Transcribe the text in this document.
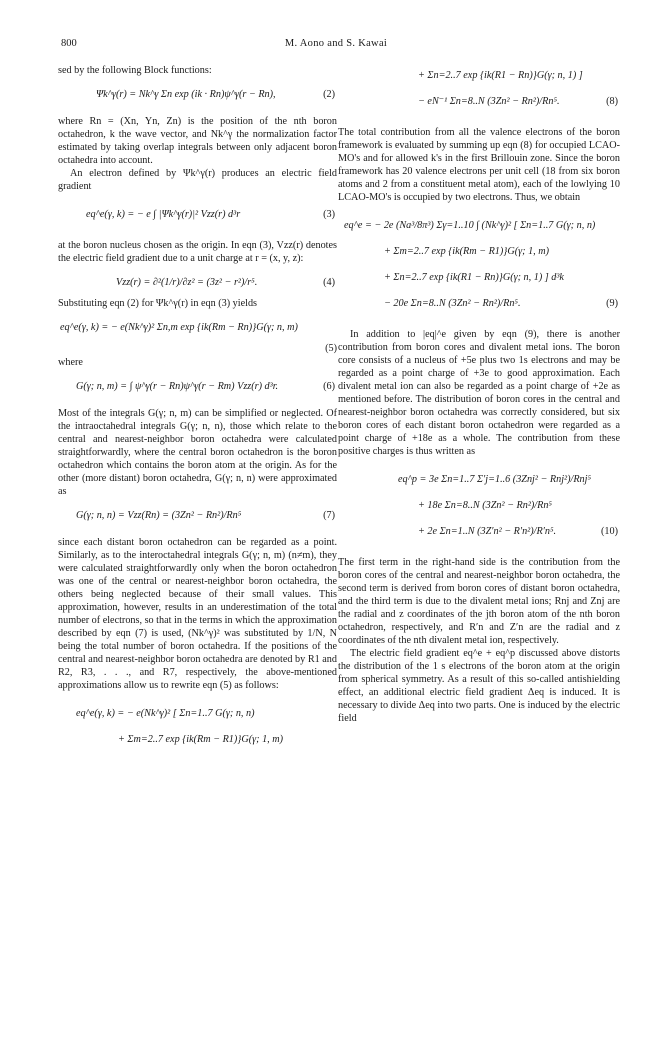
800	M. Aono and S. Kawai

sed by the following Block functions:

Ψk^γ(r) = Nk^γ Σn exp (ik · Rn)ψ^γ(r − Rn),	(2)

where Rn = (Xn, Yn, Zn) is the position of the nth boron octahedron, k the wave vector, and Nk^γ the normalization factor estimated by taking overlap integrals between only adjacent boron octahedra into account.

An electron defined by Ψk^γ(r) produces an electric field gradient

eq^e(γ, k) = − e ∫ |Ψk^γ(r)|² Vzz(r) d³r	(3)

at the boron nucleus chosen as the origin. In eqn (3), Vzz(r) denotes the electric field gradient due to a unit charge at r = (x, y, z):

Vzz(r) = ∂²(1/r)/∂z² = (3z² − r²)/r⁵.	(4)

Substituting eqn (2) for Ψk^γ(r) in eqn (3) yields

eq^e(γ, k) = − e(Nk^γ)² Σn,m exp {ik(Rm − Rn)}G(γ; n, m)
(5)

where

G(γ; n, m) = ∫ ψ^γ(r − Rn)ψ^γ(r − Rm) Vzz(r) d³r.	(6)

Most of the integrals G(γ; n, m) can be simplified or neglected. Of the intraoctahedral integrals G(γ; n, n), those which relate to the central and nearest-neighbor boron octahedra were calculated straightforwardly, where the central boron octahedron is the boron octahedron which contains the boron atom at the origin. As for the other (more distant) boron octahedra, G(γ; n, n) were approximated as

G(γ; n, n) = Vzz(Rn) = (3Zn² − Rn²)/Rn⁵	(7)

since each distant boron octahedron can be regarded as a point. Similarly, as to the interoctahedral integrals G(γ; n, m) (n≠m), they were calculated straightforwardly only when the boron octahedron was one of the central or nearest-neighbor boron octahedra, the others being neglected because of their small values. This approximation, however, results in an underestimation of the total number of electrons, so that in the terms in which the approximation described by eqn (7) is used, (Nk^γ)² was substituted by 1/N, N being the total number of boron octahedra. If the positions of the central and nearest-neighbor boron octahedra are denoted by R1 and R2, R3, . . ., and R7, respectively, the above-mentioned approximations allow us to rewrite eqn (5) as follows:

eq^e(γ, k) = − e(Nk^γ)² [ Σn=1..7 G(γ; n, n)
+ Σm=2..7 exp {ik(Rm − R1)}G(γ; 1, m)
+ Σn=2..7 exp {ik(R1 − Rn)}G(γ; n, 1) ]
− eN⁻¹ Σn=8..N (3Zn² − Rn²)/Rn⁵.	(8)

The total contribution from all the valence electrons of the boron framework is evaluated by summing up eqn (8) for occupied LCAO-MO's and for allowed k's in the first Brillouin zone. Since the boron framework has 20 valence electrons per unit cell (18 from six boron atoms and 2 from a constituent metal atom), each of the lowlying 10 LCAO-MO's is occupied by two electrons. Thus, we obtain

eq^e = − 2e (Na³/8π³) Σγ=1..10 ∫ (Nk^γ)² [ Σn=1..7 G(γ; n, n)
+ Σm=2..7 exp {ik(Rm − R1)}G(γ; 1, m)
+ Σn=2..7 exp {ik(R1 − Rn)}G(γ; n, 1) ] d³k
− 20e Σn=8..N (3Zn² − Rn²)/Rn⁵.	(9)

In addition to |eq|^e given by eqn (9), there is another contribution from boron cores and divalent metal ions. The boron core consists of a nucleus of +5e plus two 1s electrons and may be regarded as a point charge of +3e to good approximation. Each divalent metal ion can also be regarded as a point charge of +2e as mentioned before. The distribution of boron cores in the central and nearest-neighbor boron octahedra was correctly considered, but six boron cores of each distant boron octahedron were regarded as a point charge of +18e as a whole. The contribution from these positive charges is thus written as

eq^p = 3e Σn=1..7 Σ′j=1..6 (3Znj² − Rnj²)/Rnj⁵
+ 18e Σn=8..N (3Zn² − Rn²)/Rn⁵
+ 2e Σn=1..N (3Z′n² − R′n²)/R′n⁵.	(10)

The first term in the right-hand side is the contribution from the boron cores of the central and nearest-neighbor boron octahedra, the second term is derived from boron cores of distant boron octahedra, and the third term is due to the divalent metal ions; Rnj and Znj are the radial and z coordinates of the jth boron atom of the nth boron octahedron, respectively, and R′n and Z′n are the radial and z coordinates of the nth divalent metal ion, respectively.

The electric field gradient eq^e + eq^p discussed above distorts the distribution of the 1 s electrons of the boron atom at the origin from spherical symmetry. As a result of this so-called antishielding effect, an additional electric field gradient Δeq is induced. It is necessary to divide Δeq into two parts. One is induced by the electric field
